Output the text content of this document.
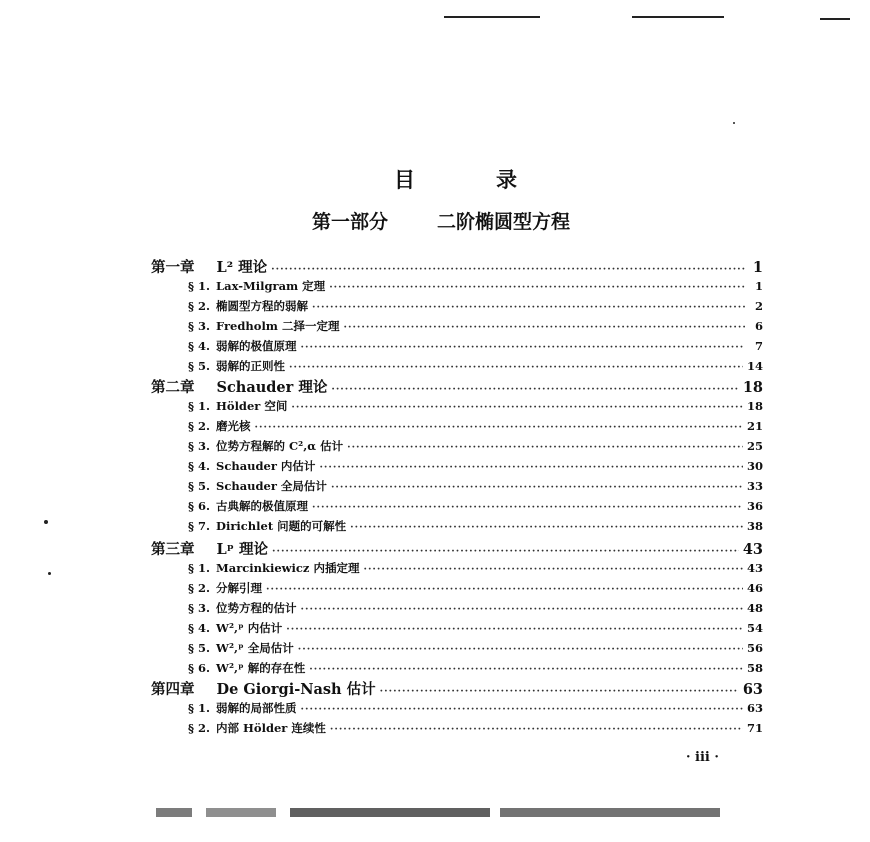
目	录
第一部分	二阶椭圆型方程
第一章 L² 理论 ·····	1
§ 1. Lax-Milgram 定理 ·····	1
§ 2. 椭圆型方程的弱解 ·····	2
§ 3. Fredholm 二择一定理 ·····	6
§ 4. 弱解的极值原理 ·····	7
§ 5. 弱解的正则性 ·····	14
第二章 Schauder 理论 ·····	18
§ 1. Hölder 空间 ·····	18
§ 2. 磨光核 ·····	21
§ 3. 位势方程解的 C²,α 估计 ·····	25
§ 4. Schauder 内估计 ·····	30
§ 5. Schauder 全局估计 ·····	33
§ 6. 古典解的极值原理 ·····	36
§ 7. Dirichlet 问题的可解性 ·····	38
第三章 Lᵖ 理论 ·····	43
§ 1. Marcinkiewicz 内插定理 ·····	43
§ 2. 分解引理 ·····	46
§ 3. 位势方程的估计 ·····	48
§ 4. W²,ᵖ 内估计 ·····	54
§ 5. W²,ᵖ 全局估计 ·····	56
§ 6. W²,ᵖ 解的存在性 ·····	58
第四章 De Giorgi-Nash 估计 ·····	63
§ 1. 弱解的局部性质 ·····	63
§ 2. 内部 Hölder 连续性 ·····	71
· iii ·
